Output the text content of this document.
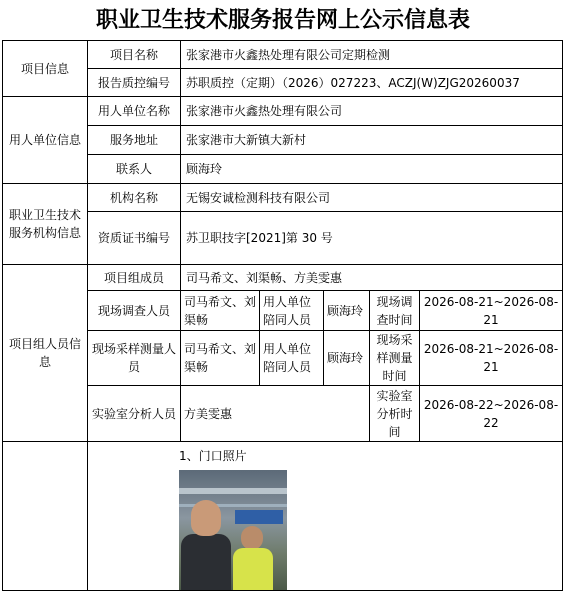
职业卫生技术服务报告网上公示信息表
项目信息	项目名称	张家港市火鑫热处理有限公司定期检测				
	报告质控编号	苏职质控（定期）（2026）027223、ACZJ(W)ZJG20260037				
用人单位信息	用人单位名称	张家港市火鑫热处理有限公司				
	服务地址	张家港市大新镇大新村				
	联系人	顾海玲				
职业卫生技术服务机构信息	机构名称	无锡安诚检测科技有限公司				
	资质证书编号	苏卫职技字[2021]第 30 号				
项目组人员信息	项目组成员	司马希文、刘渠畅、方美雯惠				
	现场调查人员	司马希文、刘渠畅	用人单位陪同人员	顾海玲	现场调查时间	2026-08-21~2026-08-21
	现场采样测量人员	司马希文、刘渠畅	用人单位陪同人员	顾海玲	现场采样测量时间	2026-08-21~2026-08-21
	实验室分析人员	方美雯惠			实验室分析时间	2026-08-22~2026-08-22

	1、门口照片					
